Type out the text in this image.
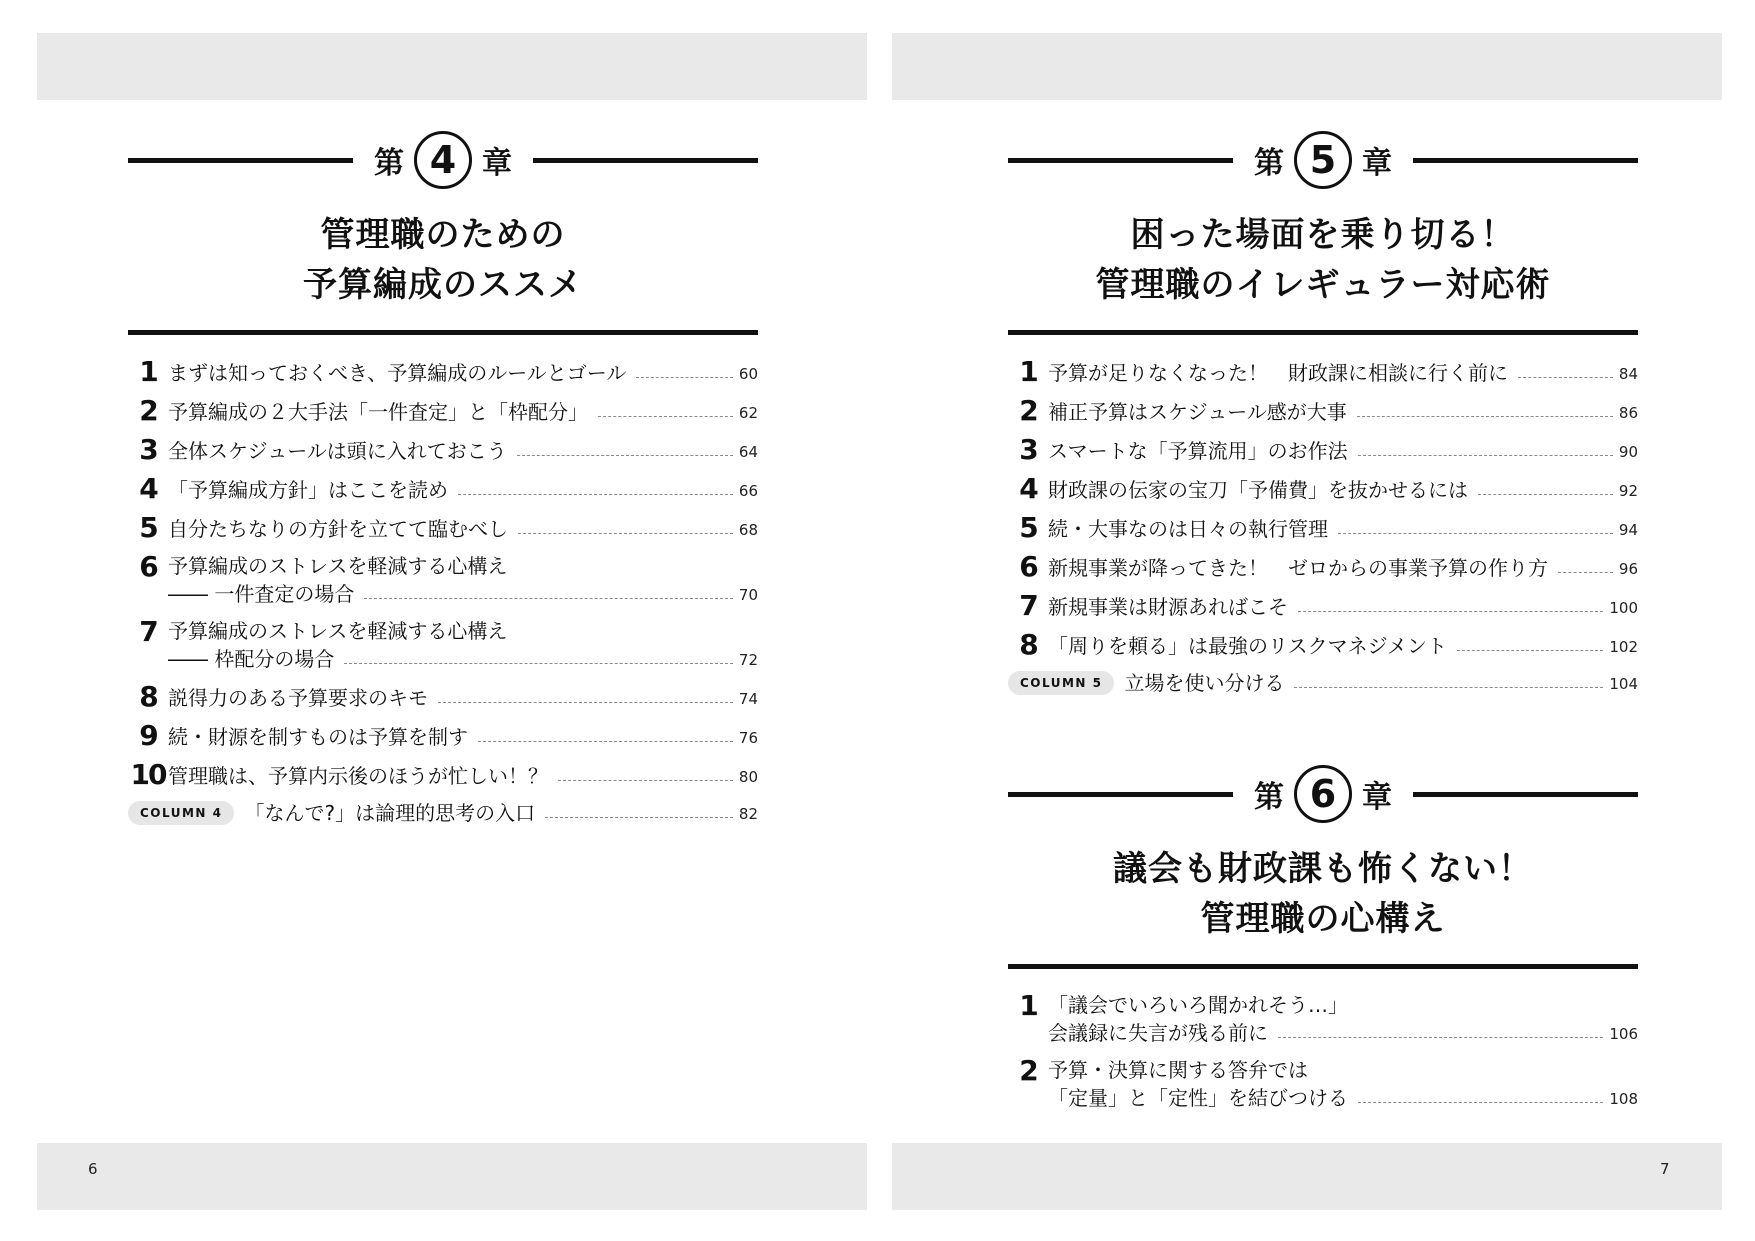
6	7
第 4 章
管理職のための
予算編成のススメ
1 まずは知っておくべき、予算編成のルールとゴール	60
2 予算編成の２大手法「一件査定」と「枠配分」	62
3 全体スケジュールは頭に入れておこう	64
4 「予算編成方針」はここを読め	66
5 自分たちなりの方針を立てて臨むべし	68
6 予算編成のストレスを軽減する心構え
―― 一件査定の場合	70
7 予算編成のストレスを軽減する心構え
―― 枠配分の場合	72
8 説得力のある予算要求のキモ	74
9 続・財源を制すものは予算を制す	76
10 管理職は、予算内示後のほうが忙しい！？	80
COLUMN 4	「なんで?」は論理的思考の入口	82
第 5 章
困った場面を乗り切る！
管理職のイレギュラー対応術
1 予算が足りなくなった！　財政課に相談に行く前に	84
2 補正予算はスケジュール感が大事	86
3 スマートな「予算流用」のお作法	90
4 財政課の伝家の宝刀「予備費」を抜かせるには	92
5 続・大事なのは日々の執行管理	94
6 新規事業が降ってきた！　ゼロからの事業予算の作り方	96
7 新規事業は財源あればこそ	100
8 「周りを頼る」は最強のリスクマネジメント	102
COLUMN 5	立場を使い分ける	104
第 6 章
議会も財政課も怖くない！
管理職の心構え
1 「議会でいろいろ聞かれそう…」
会議録に失言が残る前に	106
2 予算・決算に関する答弁では
「定量」と「定性」を結びつける	108
